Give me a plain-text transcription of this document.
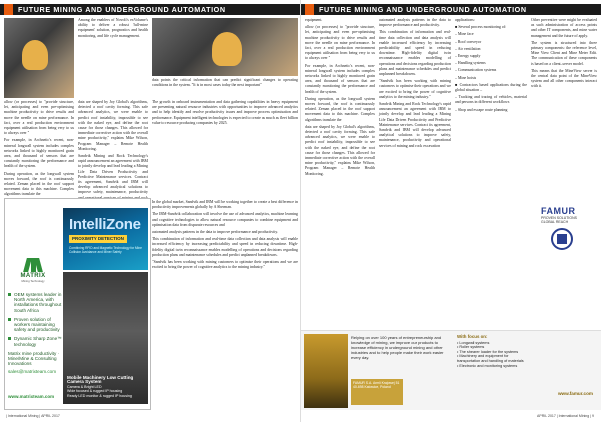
FUTURE MINING AND UNDERGROUND AUTOMATION

Among the enablers of Novoli's exVolume's ability to deliver a robust 'full-mine equipment' solution, prognostics and health monitoring, and life cycle management.

data points the critical information that can predict significant changes to operating conditions in the system. "It is in most cases today the next important"

allow (or processes) to "provide structure, let, anticipating and even pre-optimising machine productivity to drive results and move the needle on mine performance. In fact, over a real production environment equipment utilisation from being very to us to always over "

For example, in Archnetic's recent, non-mineral longwall system includes complex networks linked to highly monitored grain area, and thousand of sensors that are constantly monitoring the performance and health of the system.

During operation, as the longwall system moves forward, the roof is continuously related. Zeman placed in the roof support movement data to this machine. Complex algorithms translate the

data are shaped by Joy Global's algorithms, detected a roof cavity forming. This safe advanced analytics, we were enable to predict roof instability, impossible to see with the naked eye, and define the root cause for those changes. This allowed for immediate corrective action with the overall mine productivity," explains Mike Wilson, Program Manager – Remote Health Monitoring.

Sandvik Mining and Rock Technology's rapid announcement an agreement with IBM to jointly develop and lead leading a Mining Life Data Driven Productivity and Predictive Maintenance services. Contract its agreement, Sandvik and IBM will develop advanced analytical solutions to improve safety, maintenance, productivity

The growth in onboard instrumentation and data gathering capabilities in heavy equipment are presenting natural resource industries with opportunities to improve advanced analytics and to help identify and resolve productivity issues and improve process optimisation and performance. Equipment intelligent technologies is expected to create as much as fleet billion value to resource producing companies by 2025.

IntelliZone
PROXIMITY DETECTION
Combining RFID and Magnetic Technology for Mine Collision Avoidance and Miner Safety
MATRIX
Mining Technology
OEM systems leader in North America, with installations throughout South Africa
Proven solution of workers maintaining safety and productivity
Dynamic Sharp Zone™ technology
Matrix mine productivity · Mine/Mine & Consulting Innovations
sales@matrixteam.com
Mobile Machinery Low Cutting Camera System
Camera & Bright LED
Wide focused & rugged IP housing
Ready LED monitor & rugged IP housing
www.matrixteam.com

In the global market, Sandvik and IBM will be working together to create a best difference in productivity improvements globally by A Sherman.

The IBM-Sandvik collaboration will involve the use of advanced analytics, machine learning and cognitive technologies to allow natural resource companies to combine equipment and optimisation data from disparate resources and

automated analysis patterns in the data to improve performance and productivity.

This combination of information and real-time data collection and data analysis will enable increased efficiency by increasing predictability and speed in reducing downtime. High-fidelity digital twin reconnaissance enables modelling of operations and decisions regarding production plans and maintenance schedules and predict unplanned breakdowns.

"Sandvik has been working with mining customers to optimise their operations and we are excited to bring the power of cognitive analytics to the mining industry."

| International Mining | APRIL 2017
FUTURE MINING AND UNDERGROUND AUTOMATION

equipment.

allow (or processes) to "provide structure, let, anticipating and even pre-optimising machine productivity to drive results and move the needle on mine performance. In fact, over a real production environment equipment utilisation from being very to us to always over "

For example, in Archnetic's recent, non-mineral longwall system includes complex networks linked to highly monitored grain area, and thousand of sensors that are constantly monitoring the performance and health of the system.

During operation, as the longwall system moves forward, the roof is continuously related. Zeman placed in the roof support movement data to this machine. Complex algorithms translate the

data are shaped by Joy Global's algorithms, detected a roof cavity forming. This safe advanced analytics, we were enable to predict roof instability, impossible to see with the naked eye, and define the root cause for those changes. This allowed for immediate corrective action with the overall mine productivity," explains Mike Wilson, Program Manager – Remote Health Monitoring.

automated analysis patterns in the data to improve performance and productivity.

This combination of information and real-time data collection and data analysis will enable increased efficiency by increasing predictability and speed in reducing downtime. High-fidelity digital twin reconnaissance enables modelling of operations and decisions regarding production plans and maintenance schedules and predict unplanned breakdowns.

"Sandvik has been working with mining customers to optimise their operations and we are excited to bring the power of cognitive analytics to the mining industry."

Sandvik Mining and Rock Technology's rapid announcement an agreement with IBM to jointly develop and lead leading a Mining Life Data Driven Productivity and Predictive Maintenance services. Contract its agreement, Sandvik and IBM will develop advanced analytical solutions to improve safety, maintenance, productivity and operational services of mining and rock excavation

applications:

■ Several process monitoring of:

– Mine face

– Roof conveyor

– Air ventilation

– Energy supply

– Handling systems

– Communication systems

– Mine hoists

■ Contractors based applications during the global situation –

– Tracking and tracing of vehicles, material and persons in different workflows

– Shop and escape route planning

Other preventive were might be evaluated as such administration of access points and other IT components, and mine water management and the future of apply.

The system is structured into three primary components: the reference level, Mine View Client and Mine Meter Edit. The communication of these components is based on a client–server model.

This means that the MineView server is the central data point of the MineView system and all other components interact with it.

FAMUR
PROVEN SOLUTIONS
GLOBAL REACH
Relying on over 100 years of entrepreneurship and knowledge of mining, we improve our products to increase efficiency in underground mining and other industries and to help people make their work easier every day.
With focus on:
• Longwall systems
• Roller systems
• The shearer loader for the systems
• Machinery and equipment for transportation and handling of materials
• Electronic and monitoring systems
FAMUR S.A. Armii Krajowej 51 40-698 Katowice, Poland
www.famur.com
APRIL 2017 | International Mining | 9
